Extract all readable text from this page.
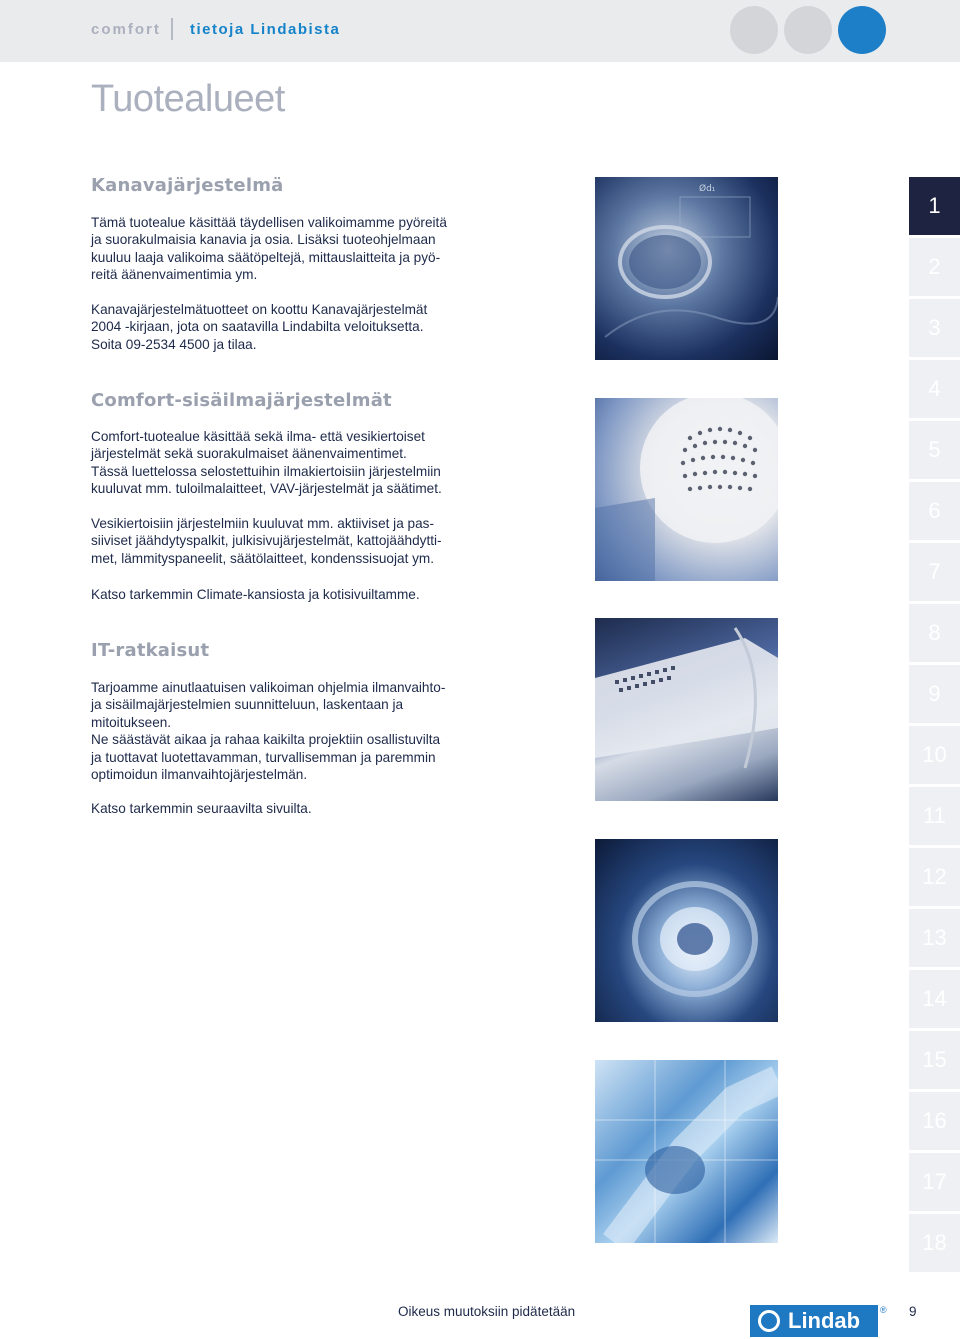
comfort tietoja Lindabista
Tuotealueet
Kanavajärjestelmä

Tämä tuotealue käsittää täydellisen valikoimamme pyöreitä
ja suorakulmaisia kanavia ja osia. Lisäksi tuoteohjelmaan
kuuluu laaja valikoima säätöpeltejä, mittauslaitteita ja pyö-
reitä äänenvaimentimia ym.

Kanavajärjestelmätuotteet on koottu Kanavajärjestelmät
2004 -kirjaan, jota on saatavilla Lindabilta veloituksetta.
Soita 09-2534 4500 ja tilaa.

Comfort-sisäilmajärjestelmät

Comfort-tuotealue käsittää sekä ilma- että vesikiertoiset
järjestelmät sekä suorakulmaiset äänenvaimentimet.
Tässä luettelossa selostettuihin ilmakiertoisiin järjestelmiin
kuuluvat mm. tuloilmalaitteet, VAV-järjestelmät ja säätimet.

Vesikiertoisiin järjestelmiin kuuluvat mm. aktiiviset ja pas-
siiviset jäähdytyspalkit, julkisivujärjestelmät, kattojäähdytti-
met, lämmityspaneelit, säätölaitteet, kondenssisuojat ym.

Katso tarkemmin Climate-kansiosta ja kotisivuiltamme.

IT-ratkaisut

Tarjoamme ainutlaatuisen valikoiman ohjelmia ilmanvaihto-
ja sisäilmajärjestelmien suunnitteluun, laskentaan ja
mitoitukseen.
Ne säästävät aikaa ja rahaa kaikilta projektiin osallistuvilta
ja tuottavat luotettavamman, turvallisemman ja paremmin
optimoidun ilmanvaihtojärjestelmän.

Katso tarkemmin seuraavilta sivuilta.

Ød₁
1
2
3
4
5
6
7
8
9
10
11
12
13
14
15
16
17
18
Oikeus muutoksiin pidätetään	Lindab ® 9
